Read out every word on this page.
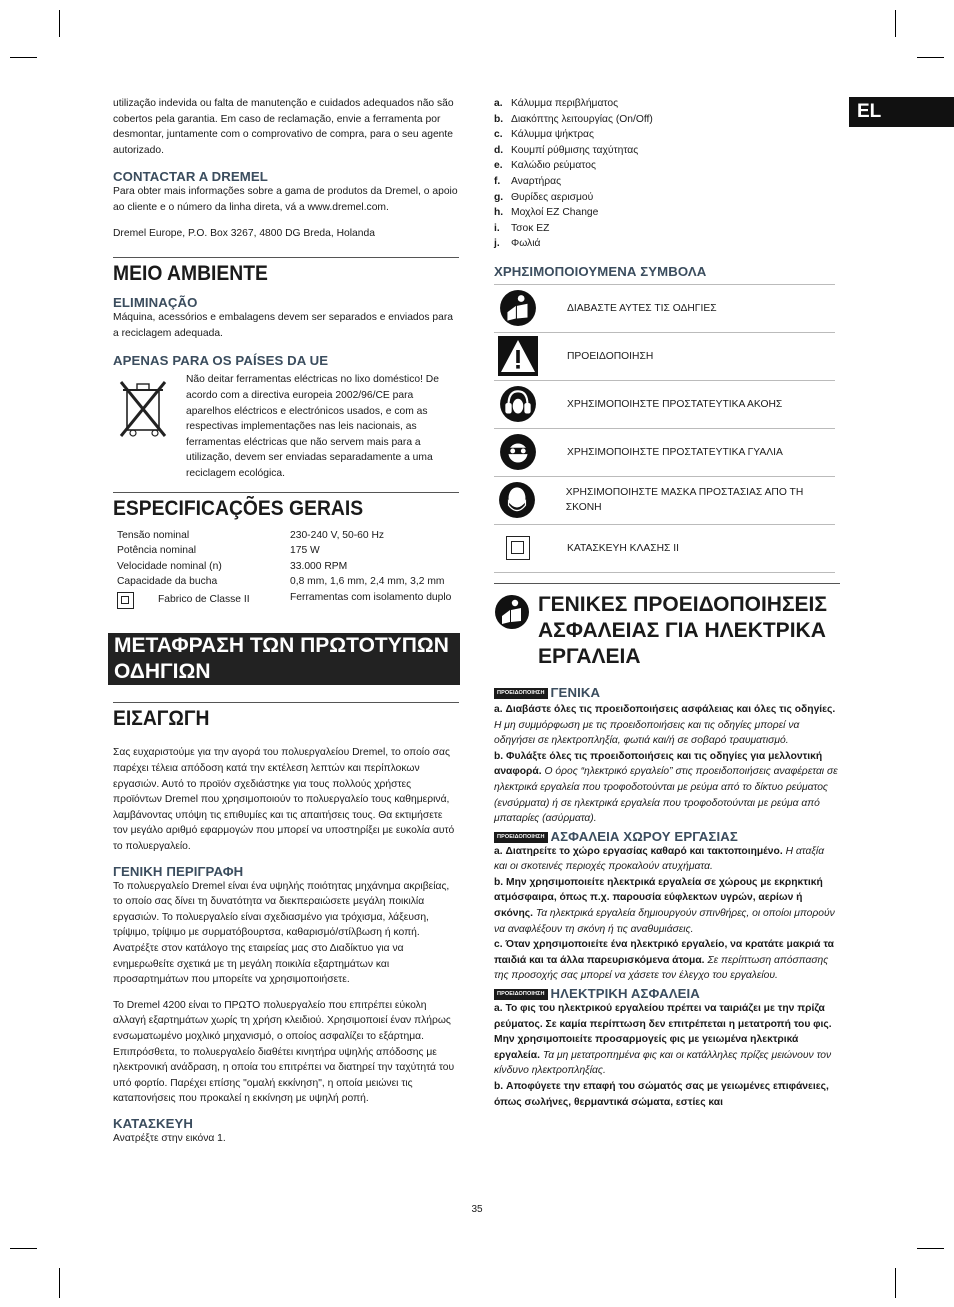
EL

utilização indevida ou falta de manutenção e cuidados adequados não são cobertos pela garantia. Em caso de reclamação, envie a ferramenta por desmontar, juntamente com o comprovativo de compra, para o seu agente autorizado.

CONTACTAR A DREMEL

Para obter mais informações sobre a gama de produtos da Dremel, o apoio ao cliente e o número da linha direta, vá a www.dremel.com.

Dremel Europe, P.O. Box 3267, 4800 DG Breda, Holanda

MEIO AMBIENTE
ELIMINAÇÃO

Máquina, acessórios e embalagens devem ser separados e enviados para a reciclagem adequada.

APENAS PARA OS PAÍSES DA UE

Não deitar ferramentas eléctricas no lixo doméstico! De acordo com a directiva europeia 2002/96/CE para aparelhos eléctricos e electrónicos usados, e com as respectivas implementações nas leis nacionais, as ferramentas eléctricas que não servem mais para a utilização, devem ser enviadas separadamente a uma reciclagem ecológica.

ESPECIFICAÇÕES GERAIS
Tensão nominal	230-240 V, 50-60 Hz
Potência nominal	175 W
Velocidade nominal (n)	33.000 RPM
Capacidade da bucha	0,8 mm, 1,6 mm, 2,4 mm, 3,2 mm

Fabrico de Classe II	Ferramentas com isolamento duplo
ΜΕΤΑΦΡΑΣΗ ΤΩΝ ΠΡΩΤΟΤΥΠΩΝ ΟΔΗΓΙΩΝ
ΕΙΣΑΓΩΓΗ

Σας ευχαριστούμε για την αγορά του πολυεργαλείου Dremel, το οποίο σας παρέχει τέλεια απόδοση κατά την εκτέλεση λεπτών και περίπλοκων εργασιών. Αυτό το προϊόν σχεδιάστηκε για τους πολλούς χρήστες προϊόντων Dremel που χρησιμοποιούν το πολυεργαλείο τους καθημερινά, λαμβάνοντας υπόψη τις επιθυμίες και τις απαιτήσεις τους. Θα εκτιμήσετε τον μεγάλο αριθμό εφαρμογών που μπορεί να υποστηρίξει με ευκολία αυτό το πολυεργαλείο.

ΓΕΝΙΚΗ ΠΕΡΙΓΡΑΦΗ

Το πολυεργαλείο Dremel είναι ένα υψηλής ποιότητας μηχάνημα ακριβείας, το οποίο σας δίνει τη δυνατότητα να διεκπεραιώσετε μεγάλη ποικιλία εργασιών. Το πολυεργαλείο είναι σχεδιασμένο για τρόχισμα, λάξευση, τρίψιμο, τρίψιμο με συρματόβουρτσα, καθαρισμό/στίλβωση ή κοπή. Ανατρέξτε στον κατάλογο της εταιρείας μας στο Διαδίκτυο για να ενημερωθείτε σχετικά με τη μεγάλη ποικιλία εξαρτημάτων και προσαρτημάτων που μπορείτε να χρησιμοποιήσετε.

Το Dremel 4200 είναι το ΠΡΩΤΟ πολυεργαλείο που επιτρέπει εύκολη αλλαγή εξαρτημάτων χωρίς τη χρήση κλειδιού. Χρησιμοποιεί έναν πλήρως ενσωματωμένο μοχλικό μηχανισμό, ο οποίος ασφαλίζει το εξάρτημα. Επιπρόσθετα, το πολυεργαλείο διαθέτει κινητήρα υψηλής απόδοσης με ηλεκτρονική ανάδραση, η οποία του επιτρέπει να διατηρεί την ταχύτητά του υπό φορτίο. Παρέχει επίσης "ομαλή εκκίνηση", η οποία μειώνει τις καταπονήσεις που προκαλεί η εκκίνηση με υψηλή ροπή.

ΚΑΤΑΣΚΕΥΗ

Ανατρέξτε στην εικόνα 1.

a. Κάλυμμα περιβλήματος
b. Διακόπτης λειτουργίας (On/Off)
c. Κάλυμμα ψήκτρας
d. Κουμπί ρύθμισης ταχύτητας
e. Καλώδιο ρεύματος
f.	Αναρτήρας
g. Θυρίδες αερισμού
h. Μοχλοί EZ Change
i.	Τσοκ EZ
j.	Φωλιά
ΧΡΗΣΙΜΟΠΟΙΟΥΜΕΝΑ ΣΥΜΒΟΛΑ
ΔΙΑΒΑΣΤΕ ΑΥΤΕΣ ΤΙΣ ΟΔΗΓΙΕΣ
ΠΡΟΕΙΔΟΠΟΙΗΣΗ
ΧΡΗΣΙΜΟΠΟΙΗΣΤΕ ΠΡΟΣΤΑΤΕΥΤΙΚΑ ΑΚΟΗΣ
ΧΡΗΣΙΜΟΠΟΙΗΣΤΕ ΠΡΟΣΤΑΤΕΥΤΙΚΑ ΓΥΑΛΙΑ
ΧΡΗΣΙΜΟΠΟΙΗΣΤΕ ΜΑΣΚΑ ΠΡΟΣΤΑΣΙΑΣ ΑΠΟ ΤΗ ΣΚΟΝΗ
ΚΑΤΑΣΚΕΥΗ ΚΛΑΣΗΣ II
ΓΕΝΙΚΕΣ ΠΡΟΕΙΔΟΠΟΙΗΣΕΙΣ ΑΣΦΑΛΕΙΑΣ ΓΙΑ ΗΛΕΚΤΡΙΚΑ ΕΡΓΑΛΕΙΑ
ΠΡΟΕΙΔΟΠΟΙΗΣΗ ΓΕΝΙΚΑ

a. Διαβάστε όλες τις προειδοποιήσεις ασφάλειας και όλες τις οδηγίες. Η μη συμμόρφωση με τις προειδοποιήσεις και τις οδηγίες μπορεί να οδηγήσει σε ηλεκτροπληξία, φωτιά και/ή σε σοβαρό τραυματισμό.

b. Φυλάξτε όλες τις προειδοποιήσεις και τις οδηγίες για μελλοντική αναφορά. Ο όρος “ηλεκτρικό εργαλείο” στις προειδοποιήσεις αναφέρεται σε ηλεκτρικά εργαλεία που τροφοδοτούνται με ρεύμα από το δίκτυο ρεύματος (ενσύρματα) ή σε ηλεκτρικά εργαλεία που τροφοδοτούνται με ρεύμα από μπαταρίες (ασύρματα).

ΠΡΟΕΙΔΟΠΟΙΗΣΗ ΑΣΦΑΛΕΙΑ ΧΩΡΟΥ ΕΡΓΑΣΙΑΣ

a. Διατηρείτε το χώρο εργασίας καθαρό και τακτοποιημένο. Η αταξία και οι σκοτεινές περιοχές προκαλούν ατυχήματα.

b. Μην χρησιμοποιείτε ηλεκτρικά εργαλεία σε χώρους με εκρηκτική ατμόσφαιρα, όπως π.χ. παρουσία εύφλεκτων υγρών, αερίων ή σκόνης. Τα ηλεκτρικά εργαλεία δημιουργούν σπινθήρες, οι οποίοι μπορούν να αναφλέξουν τη σκόνη ή τις αναθυμιάσεις.

c. Όταν χρησιμοποιείτε ένα ηλεκτρικό εργαλείο, να κρατάτε μακριά τα παιδιά και τα άλλα παρευρισκόμενα άτομα. Σε περίπτωση απόσπασης της προσοχής σας μπορεί να χάσετε τον έλεγχο του εργαλείου.

ΠΡΟΕΙΔΟΠΟΙΗΣΗ ΗΛΕΚΤΡΙΚΗ ΑΣΦΑΛΕΙΑ

a. Το φις του ηλεκτρικού εργαλείου πρέπει να ταιριάζει με την πρίζα ρεύματος. Σε καμία περίπτωση δεν επιτρέπεται η μετατροπή του φις. Μην χρησιμοποιείτε προσαρμογείς φις με γειωμένα ηλεκτρικά εργαλεία. Τα μη μετατροπημένα φις και οι κατάλληλες πρίζες μειώνουν τον κίνδυνο ηλεκτροπληξίας.

b. Αποφύγετε την επαφή του σώματός σας με γειωμένες επιφάνειες, όπως σωλήνες, θερμαντικά σώματα, εστίες και

35
